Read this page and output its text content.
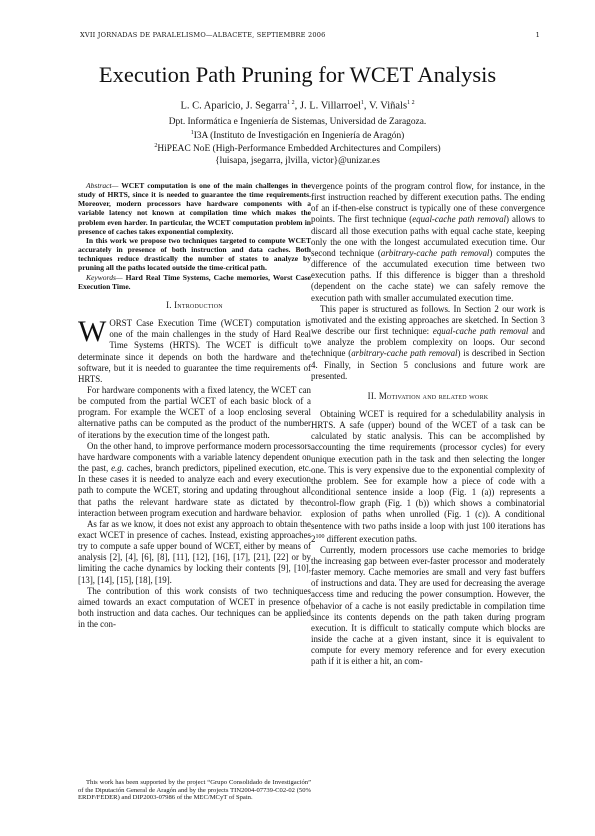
XVII JORNADAS DE PARALELISMO—ALBACETE, SEPTIEMBRE 2006	1
Execution Path Pruning for WCET Analysis
L. C. Aparicio, J. Segarra$^{1 2}$, J. L. Villarroel$^1$, V. Viñals$^{1 2}$
Dpt. Informática e Ingeniería de Sistemas, Universidad de Zaragoza.
$^1$I3A (Instituto de Investigación en Ingeniería de Aragón)
$^2$HiPEAC NoE (High-Performance Embedded Architectures and Compilers)
{luisapa, jsegarra, jlvilla, victor}@unizar.es

Abstract— WCET computation is one of the main challenges in the study of HRTS, since it is needed to guarantee the time requirements. Moreover, modern processors have hardware components with a variable latency not known at compilation time which makes the problem even harder. In particular, the WCET computation problem in presence of caches takes exponential complexity.

In this work we propose two techniques targeted to compute WCET accurately in presence of both instruction and data caches. Both techniques reduce drastically the number of states to analyze by pruning all the paths located outside the time-critical path.

Keywords— Hard Real Time Systems, Cache memories, Worst Case Execution Time.

I. Introduction

WORST Case Execution Time (WCET) computation is one of the main challenges in the study of Hard Real Time Systems (HRTS). The WCET is difficult to determinate since it depends on both the hardware and the software, but it is needed to guarantee the time requirements of HRTS.

For hardware components with a fixed latency, the WCET can be computed from the partial WCET of each basic block of a program. For example the WCET of a loop enclosing several alternative paths can be computed as the product of the number of iterations by the execution time of the longest path.

On the other hand, to improve performance modern processors have hardware components with a variable latency dependent on the past, e.g. caches, branch predictors, pipelined execution, etc. In these cases it is needed to analyze each and every execution path to compute the WCET, storing and updating throughout all that paths the relevant hardware state as dictated by the interaction between program execution and hardware behavior.

As far as we know, it does not exist any approach to obtain the exact WCET in presence of caches. Instead, existing approaches try to compute a safe upper bound of WCET, either by means of analysis [2], [4], [6], [8], [11], [12], [16], [17], [21], [22] or by limiting the cache dynamics by locking their contents [9], [10], [13], [14], [15], [18], [19].

The contribution of this work consists of two techniques aimed towards an exact computation of WCET in presence of both instruction and data caches. Our techniques can be applied in the con-

This work has been supported by the project “Grupo Consolidado de Investigación” of the Diputación General de Aragón and by the projects TIN2004-07739-C02-02 (50% ERDF/FEDER) and DIP2003-07986 of the MEC/MCyT of Spain.

vergence points of the program control flow, for instance, in the first instruction reached by different execution paths. The ending of an if-then-else construct is typically one of these convergence points. The first technique (equal-cache path removal) allows to discard all those execution paths with equal cache state, keeping only the one with the longest accumulated execution time. Our second technique (arbitrary-cache path removal) computes the difference of the accumulated execution time between two execution paths. If this difference is bigger than a threshold (dependent on the cache state) we can safely remove the execution path with smaller accumulated execution time.

This paper is structured as follows. In Section 2 our work is motivated and the existing approaches are sketched. In Section 3 we describe our first technique: equal-cache path removal and we analyze the problem complexity on loops. Our second technique (arbitrary-cache path removal) is described in Section 4. Finally, in Section 5 conclusions and future work are presented.

II. Motivation and related work

Obtaining WCET is required for a schedulability analysis in HRTS. A safe (upper) bound of the WCET of a task can be calculated by static analysis. This can be accomplished by accounting the time requirements (processor cycles) for every unique execution path in the task and then selecting the longer one. This is very expensive due to the exponential complexity of the problem. See for example how a piece of code with a conditional sentence inside a loop (Fig. 1 (a)) represents a control-flow graph (Fig. 1 (b)) which shows a combinatorial explosion of paths when unrolled (Fig. 1 (c)). A conditional sentence with two paths inside a loop with just 100 iterations has $2^{100}$ different execution paths.

Currently, modern processors use cache memories to bridge the increasing gap between ever-faster processor and moderately faster memory. Cache memories are small and very fast buffers of instructions and data. They are used for decreasing the average access time and reducing the power consumption. However, the behavior of a cache is not easily predictable in compilation time since its contents depends on the path taken during program execution. It is difficult to statically compute which blocks are inside the cache at a given instant, since it is equivalent to compute for every memory reference and for every execution path if it is either a hit, an com-
